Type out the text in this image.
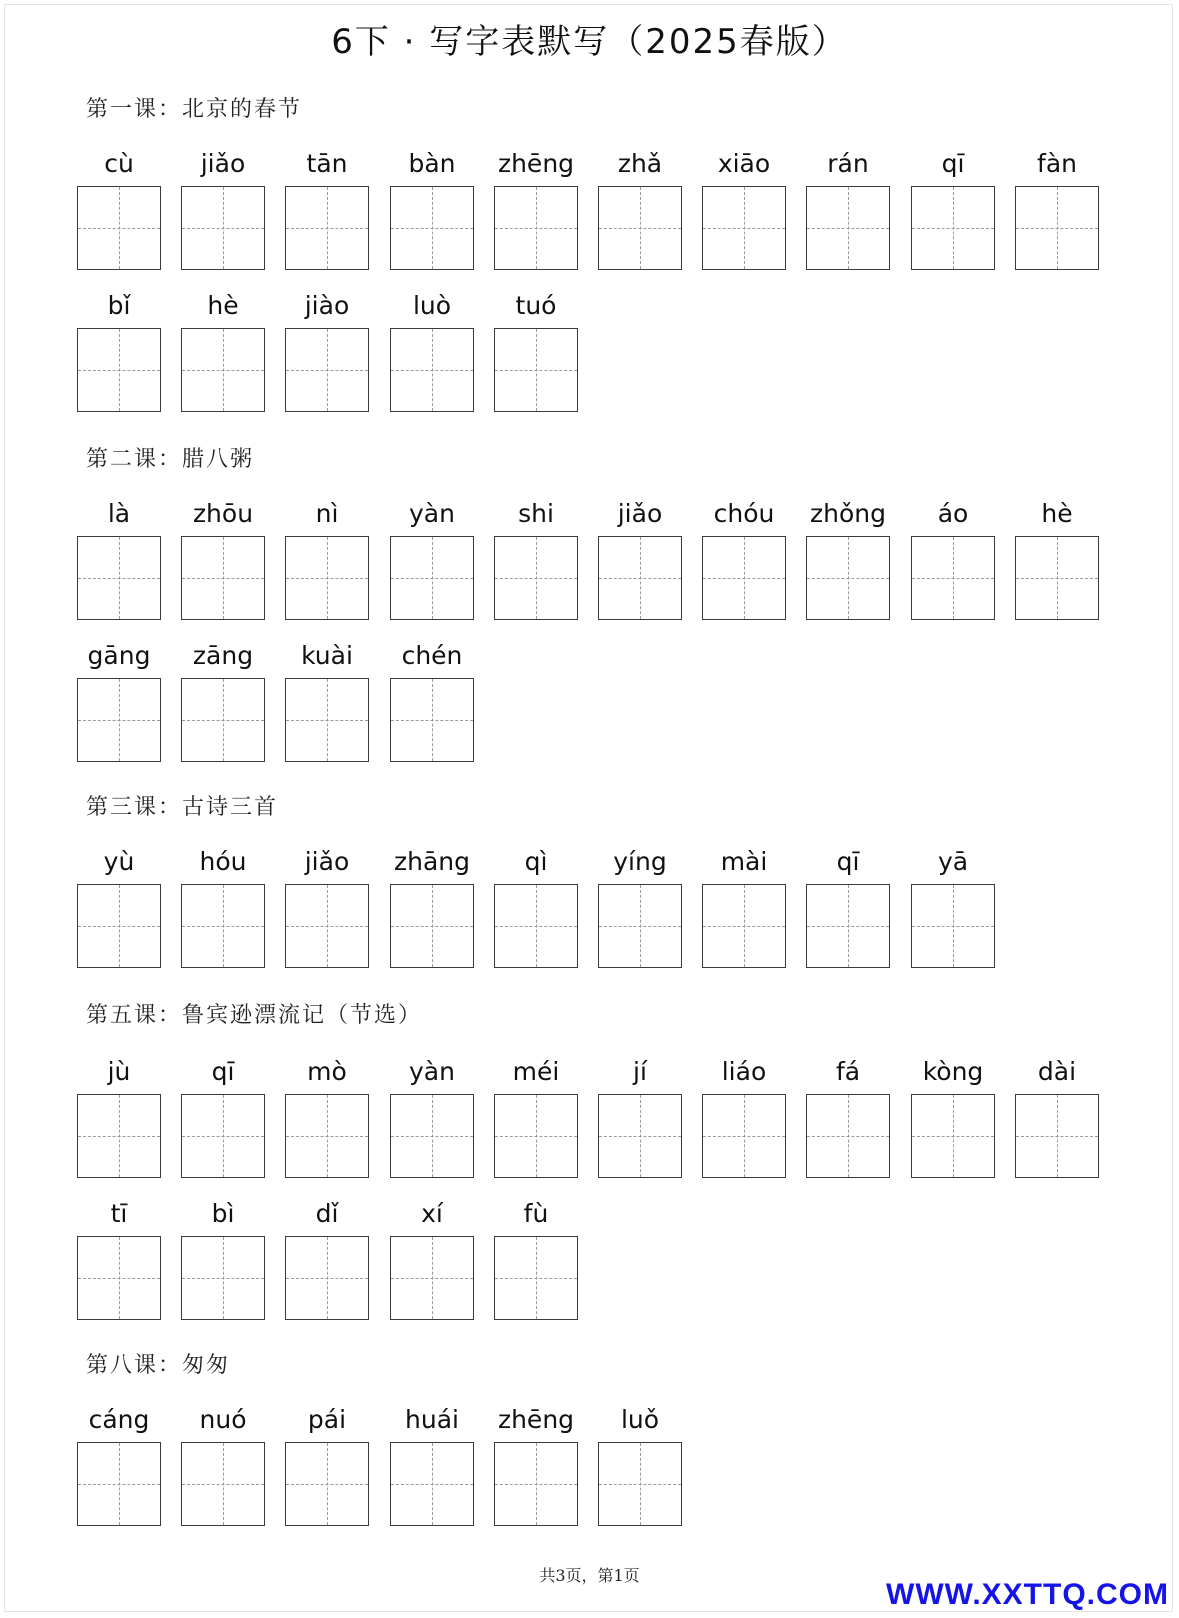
6下 · 写字表默写（2025春版）
第一课：北京的春节
cù	jiǎo	tān	bàn	zhēng	zhǎ	xiāo	rán	qī	fàn
bǐ	hè	jiào	luò	tuó
第二课：腊八粥
là	zhōu	nì	yàn	shi	jiǎo	chóu	zhǒng	áo	hè
gāng	zāng	kuài	chén
第三课：古诗三首
yù	hóu	jiǎo	zhāng	qì	yíng	mài	qī	yā
第五课：鲁宾逊漂流记（节选）
jù	qī	mò	yàn	méi	jí	liáo	fá	kòng	dài
tī	bì	dǐ	xí	fù
第八课：匆匆
cáng	nuó	pái	huái	zhēng	luǒ
共3页，第1页
WWW.XXTTQ.COM
